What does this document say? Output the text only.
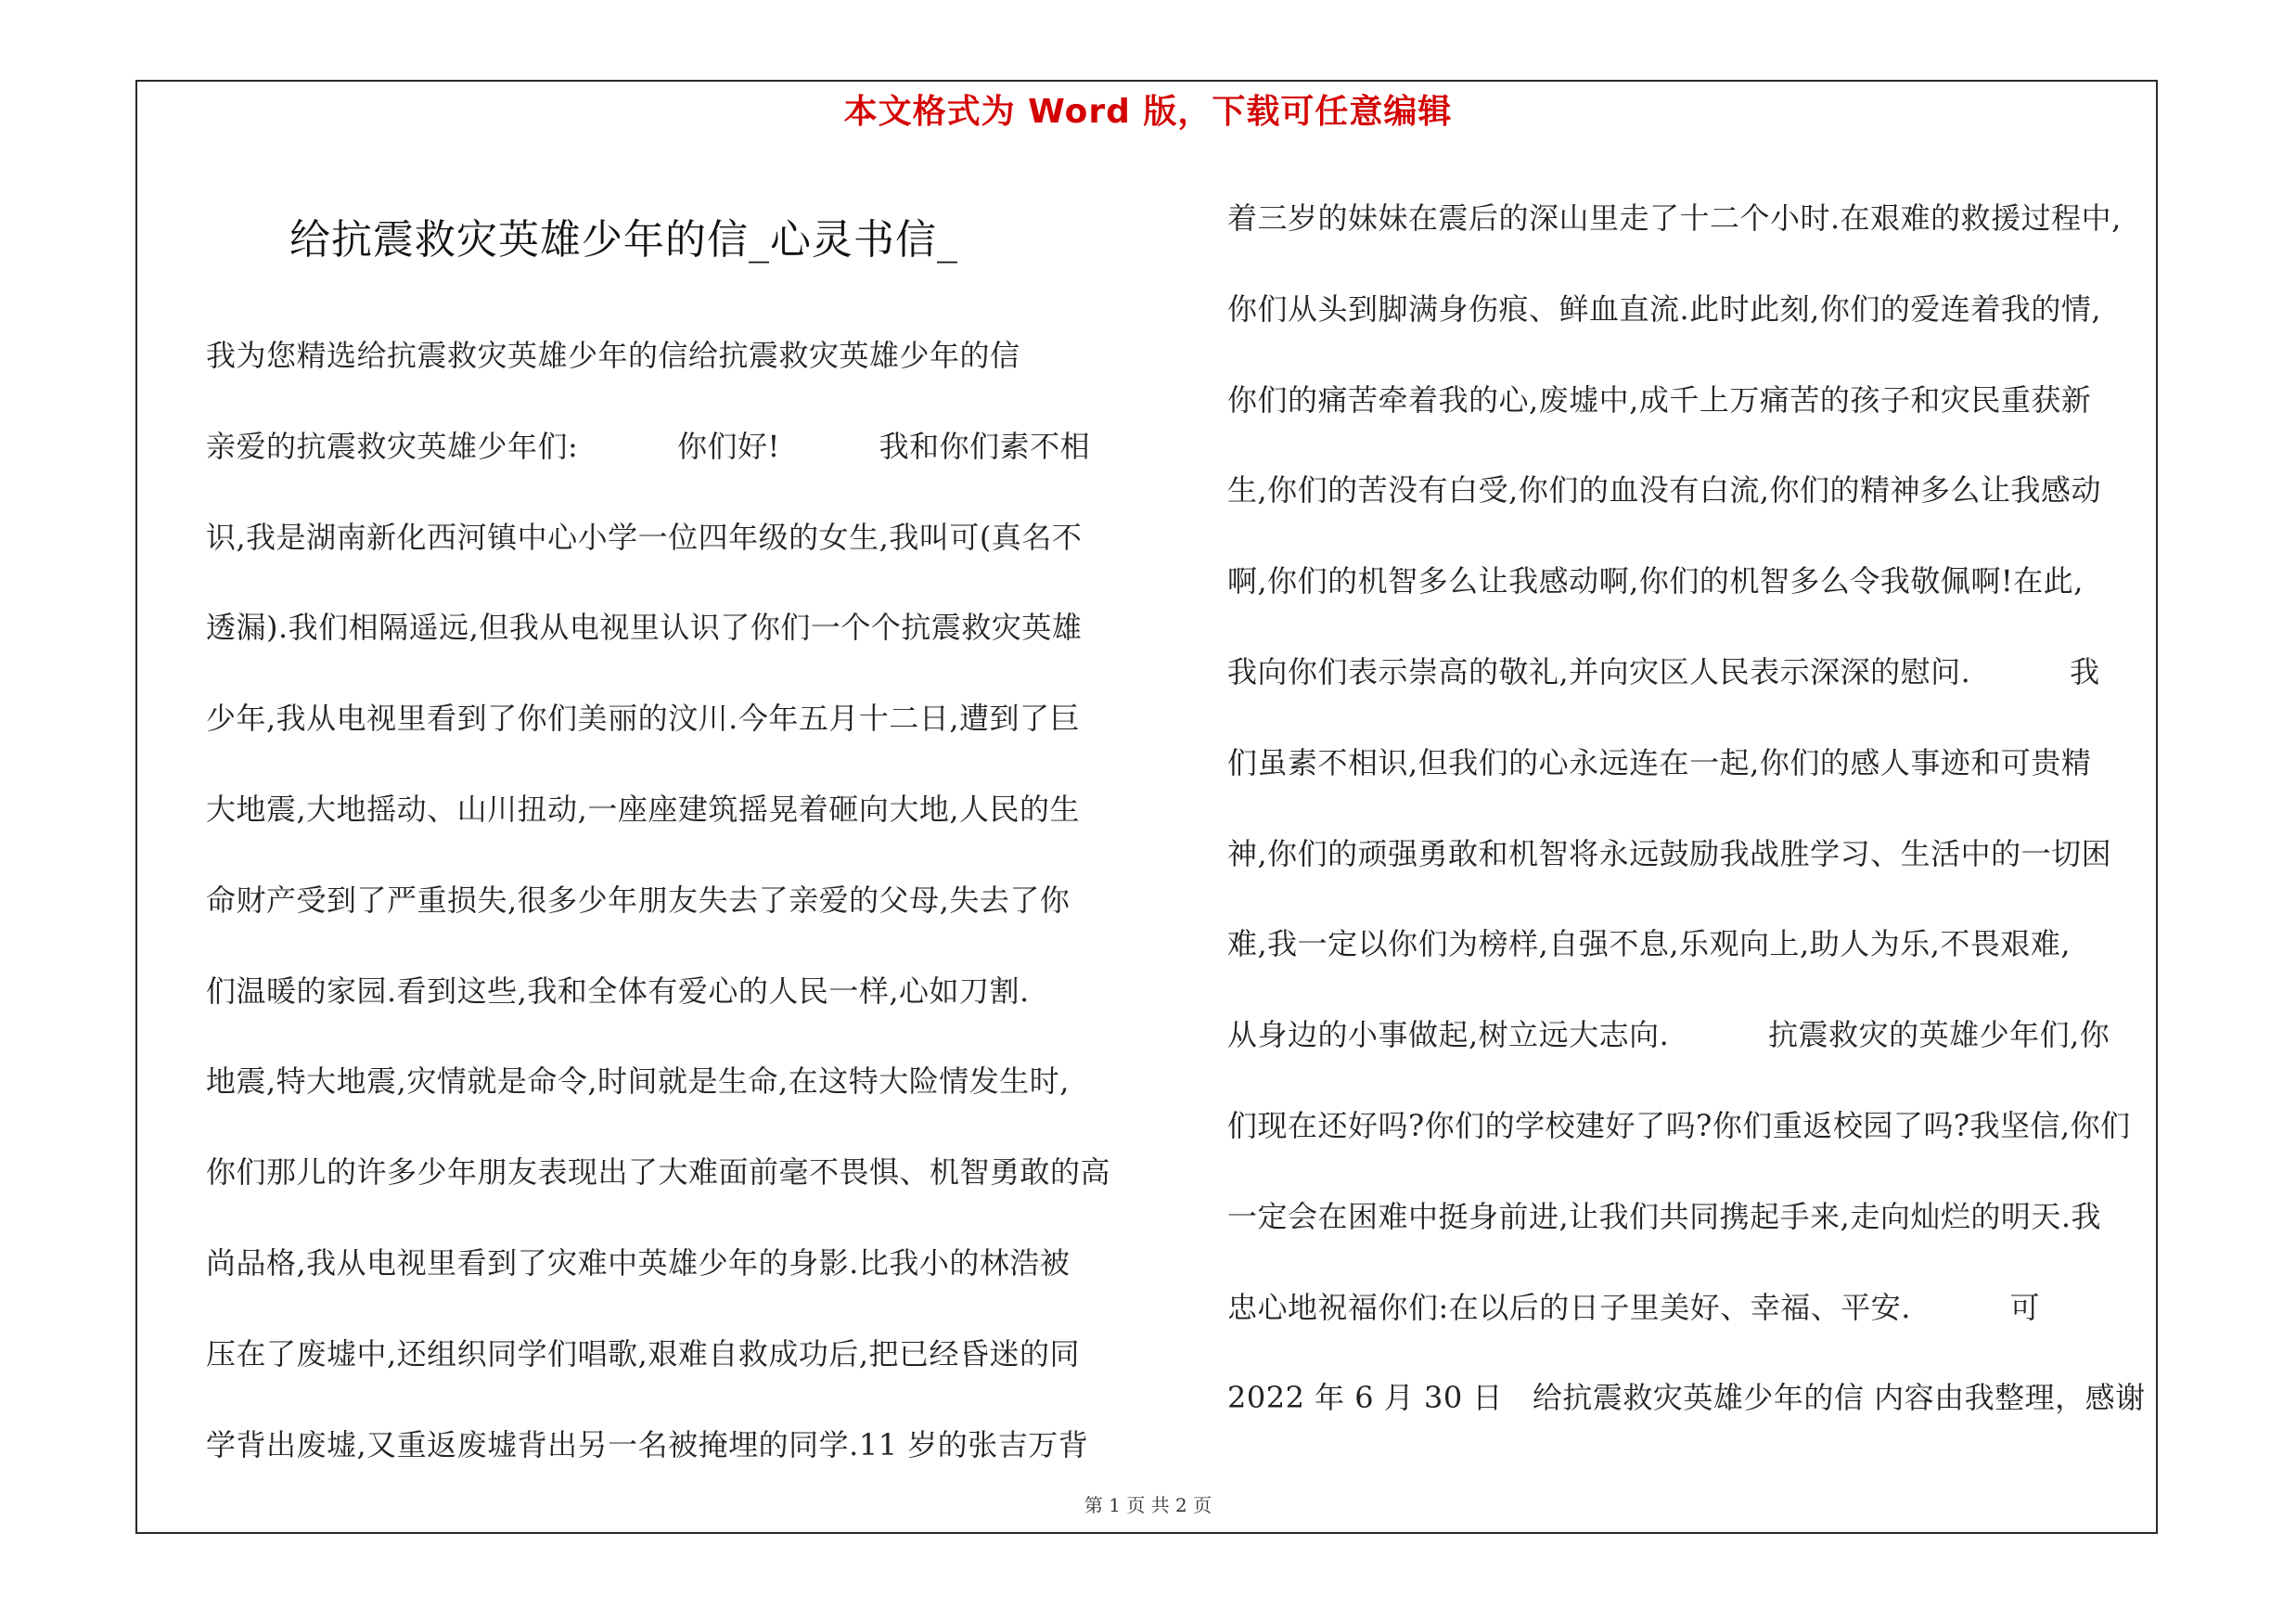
本文格式为 Word 版，下载可任意编辑
给抗震救灾英雄少年的信_心灵书信_
我为您精选给抗震救灾英雄少年的信给抗震救灾英雄少年的信
亲爱的抗震救灾英雄少年们:          你们好!          我和你们素不相
识,我是湖南新化西河镇中心小学一位四年级的女生,我叫可(真名不
透漏).我们相隔遥远,但我从电视里认识了你们一个个抗震救灾英雄
少年,我从电视里看到了你们美丽的汶川.今年五月十二日,遭到了巨
大地震,大地摇动、山川扭动,一座座建筑摇晃着砸向大地,人民的生
命财产受到了严重损失,很多少年朋友失去了亲爱的父母,失去了你
们温暖的家园.看到这些,我和全体有爱心的人民一样,心如刀割.
地震,特大地震,灾情就是命令,时间就是生命,在这特大险情发生时,
你们那儿的许多少年朋友表现出了大难面前毫不畏惧、机智勇敢的高
尚品格,我从电视里看到了灾难中英雄少年的身影.比我小的林浩被
压在了废墟中,还组织同学们唱歌,艰难自救成功后,把已经昏迷的同
学背出废墟,又重返废墟背出另一名被掩埋的同学.11 岁的张吉万背
着三岁的妹妹在震后的深山里走了十二个小时.在艰难的救援过程中,
你们从头到脚满身伤痕、鲜血直流.此时此刻,你们的爱连着我的情,
你们的痛苦牵着我的心,废墟中,成千上万痛苦的孩子和灾民重获新
生,你们的苦没有白受,你们的血没有白流,你们的精神多么让我感动
啊,你们的机智多么让我感动啊,你们的机智多么令我敬佩啊!在此,
我向你们表示崇高的敬礼,并向灾区人民表示深深的慰问.          我
们虽素不相识,但我们的心永远连在一起,你们的感人事迹和可贵精
神,你们的顽强勇敢和机智将永远鼓励我战胜学习、生活中的一切困
难,我一定以你们为榜样,自强不息,乐观向上,助人为乐,不畏艰难,
从身边的小事做起,树立远大志向.          抗震救灾的英雄少年们,你
们现在还好吗?你们的学校建好了吗?你们重返校园了吗?我坚信,你们
一定会在困难中挺身前进,让我们共同携起手来,走向灿烂的明天.我
忠心地祝福你们:在以后的日子里美好、幸福、平安.          可
2022 年 6 月 30 日   给抗震救灾英雄少年的信 内容由我整理，感谢
第 1 页 共 2 页
